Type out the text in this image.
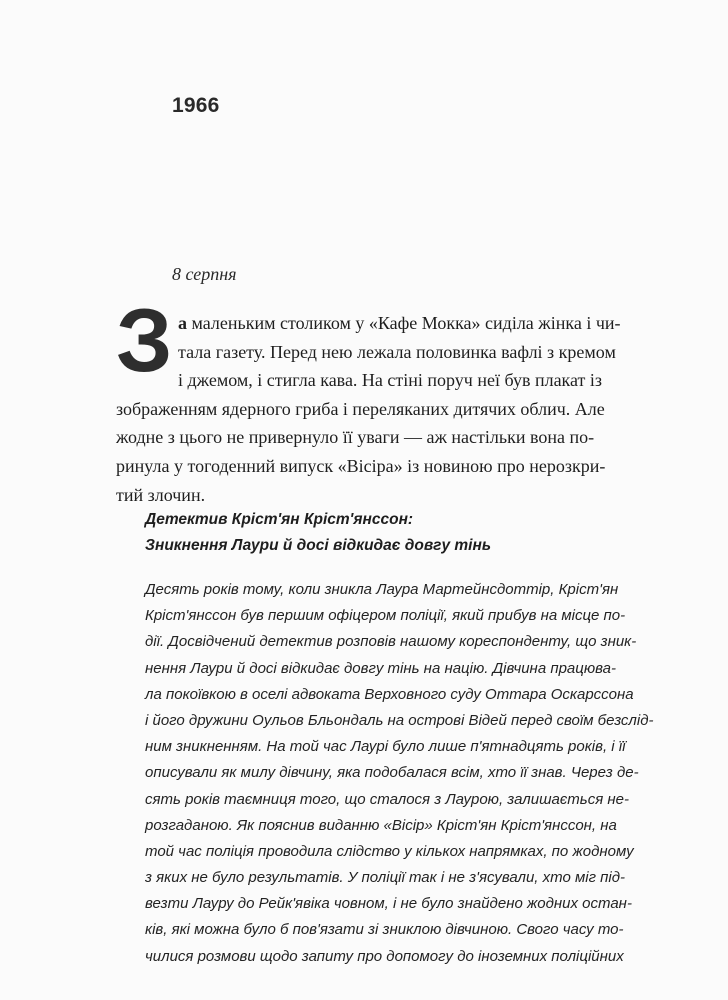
1966
8 серпня
З а маленьким столиком у «Кафе Мокка» сиділа жінка і чи-
тала газету. Перед нею лежала половинка вафлі з кремом
і джемом, і стигла кава. На стіні поруч неї був плакат із
зображенням ядерного гриба і переляканих дитячих облич. Але
жодне з цього не привернуло її уваги — аж настільки вона по-
ринула у тогоденний випуск «Вісіра» із новиною про нерозкри-
тий злочин.
Детектив Кріст'ян Кріст'янссон:
Зникнення Лаури й досі відкидає довгу тінь
Десять років тому, коли зникла Лаура Мартейнсдоттір, Кріст'ян
Кріст'янссон був першим офіцером поліції, який прибув на місце по-
дії. Досвідчений детектив розповів нашому кореспонденту, що зник-
нення Лаури й досі відкидає довгу тінь на націю. Дівчина працюва-
ла покоївкою в оселі адвоката Верховного суду Оттара Оскарссона
і його дружини Оульов Бльондаль на острові Відей перед своїм безслід-
ним зникненням. На той час Лаурі було лише п'ятнадцять років, і її
описували як милу дівчину, яка подобалася всім, хто її знав. Через де-
сять років таємниця того, що сталося з Лаурою, залишається не-
розгаданою. Як пояснив виданню «Вісір» Кріст'ян Кріст'янссон, на
той час поліція проводила слідство у кількох напрямках, по жодному
з яких не було результатів. У поліції так і не з'ясували, хто міг під-
везти Лауру до Рейк'явіка човном, і не було знайдено жодних остан-
ків, які можна було б пов'язати зі зниклою дівчиною. Свого часу то-
чилися розмови щодо запиту про допомогу до іноземних поліційних
